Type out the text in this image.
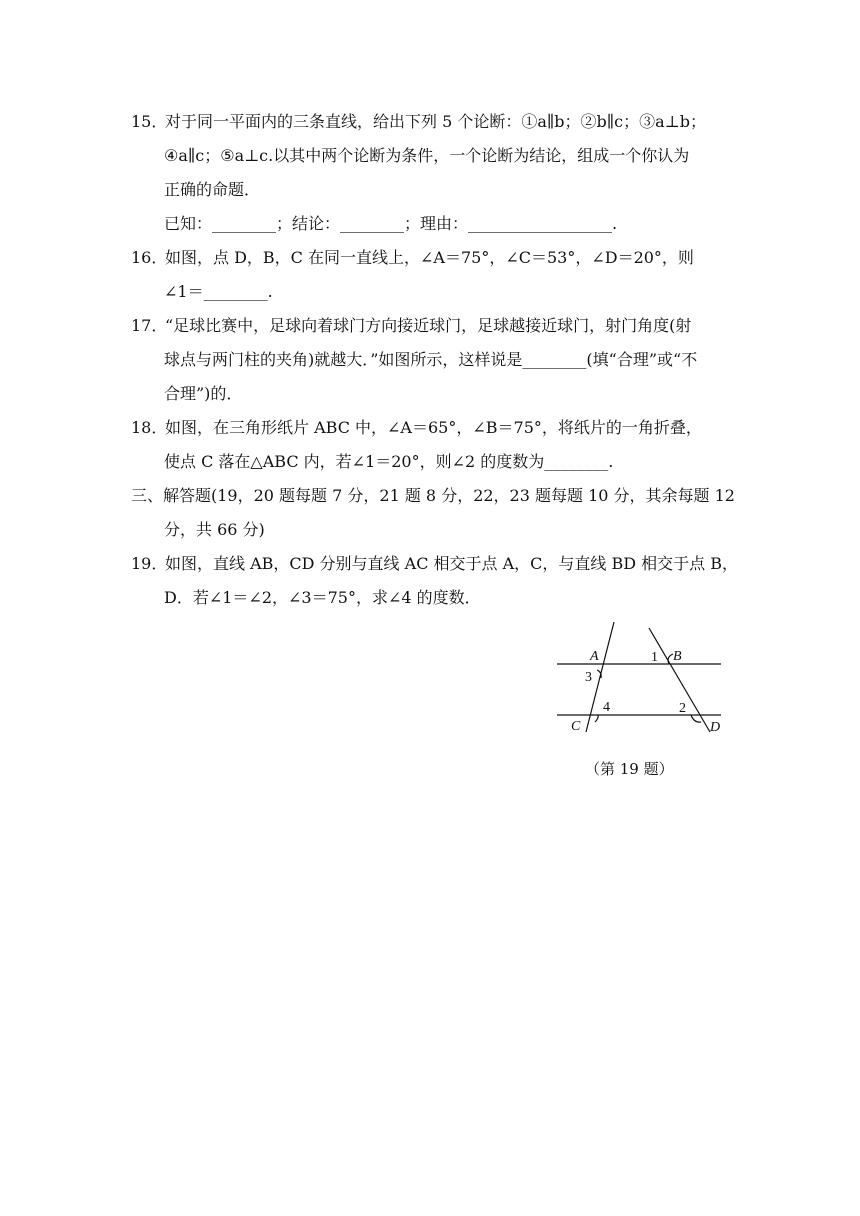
15．对于同一平面内的三条直线，给出下列 5 个论断：①a∥b；②b∥c；③a⊥b；
④a∥c；⑤a⊥c.以其中两个论断为条件，一个论断为结论，组成一个你认为
正确的命题．
已知：________；结论：________；理由：__________________.
16．如图，点 D，B，C 在同一直线上，∠A＝75°，∠C＝53°，∠D＝20°，则
∠1＝________.
17．“足球比赛中，足球向着球门方向接近球门，足球越接近球门，射门角度(射
球点与两门柱的夹角)就越大．”如图所示，这样说是________(填“合理”或“不
合理”)的．
18．如图，在三角形纸片 ABC 中，∠A＝65°，∠B＝75°，将纸片的一角折叠，
使点 C 落在△ABC 内，若∠1＝20°，则∠2 的度数为________.
三、解答题(19，20 题每题 7 分，21 题 8 分，22，23 题每题 10 分，其余每题 12
分，共 66 分)
19．如图，直线 AB，CD 分别与直线 AC 相交于点 A，C，与直线 BD 相交于点 B，
D．若∠1＝∠2，∠3＝75°，求∠4 的度数．
A	B
C	D
1
2
3
4
（第 19 题）
